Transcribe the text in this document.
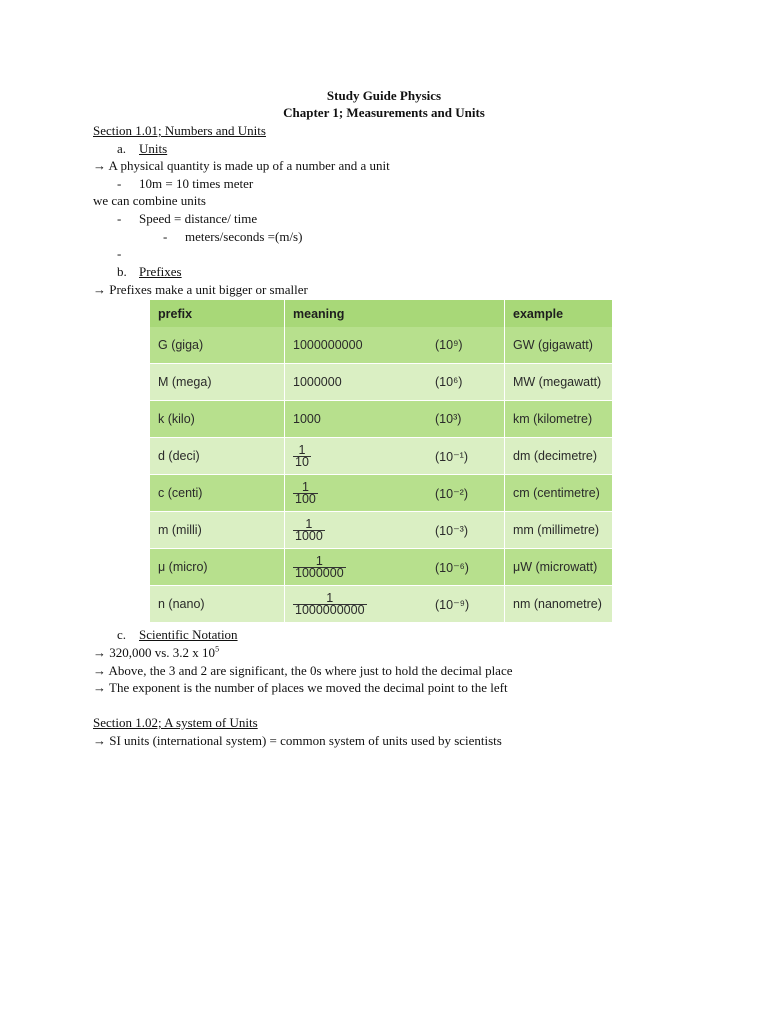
Study Guide Physics
Chapter 1; Measurements and Units
Section 1.01; Numbers and Units
a. Units
→ A physical quantity is made up of a number and a unit
- 10m = 10 times meter
we can combine units
- Speed = distance/ time
- meters/seconds =(m/s)
-
b. Prefixes
→ Prefixes make a unit bigger or smaller
prefix	meaning	example
G (giga)	1000000000	(10⁹)	GW (gigawatt)
M (mega)	1000000	(10⁶)	MW (megawatt)
k (kilo)	1000	(10³)	km (kilometre)
d (deci)	$\frac{1}{10}$	(10⁻¹)	dm (decimetre)
c (centi)	$\frac{1}{100}$	(10⁻²)	cm (centimetre)
m (milli)	$\frac{1}{1000}$	(10⁻³)	mm (millimetre)
μ (micro)	$\frac{1}{1000000}$	(10⁻⁶)	μW (microwatt)
n (nano)	$\frac{1}{1000000000}$	(10⁻⁹)	nm (nanometre)
c. Scientific Notation
→ 320,000 vs. 3.2 x $10^5$
→ Above, the 3 and 2 are significant, the 0s where just to hold the decimal place
→ The exponent is the number of places we moved the decimal point to the left
Section 1.02; A system of Units
→ SI units (international system) = common system of units used by scientists
